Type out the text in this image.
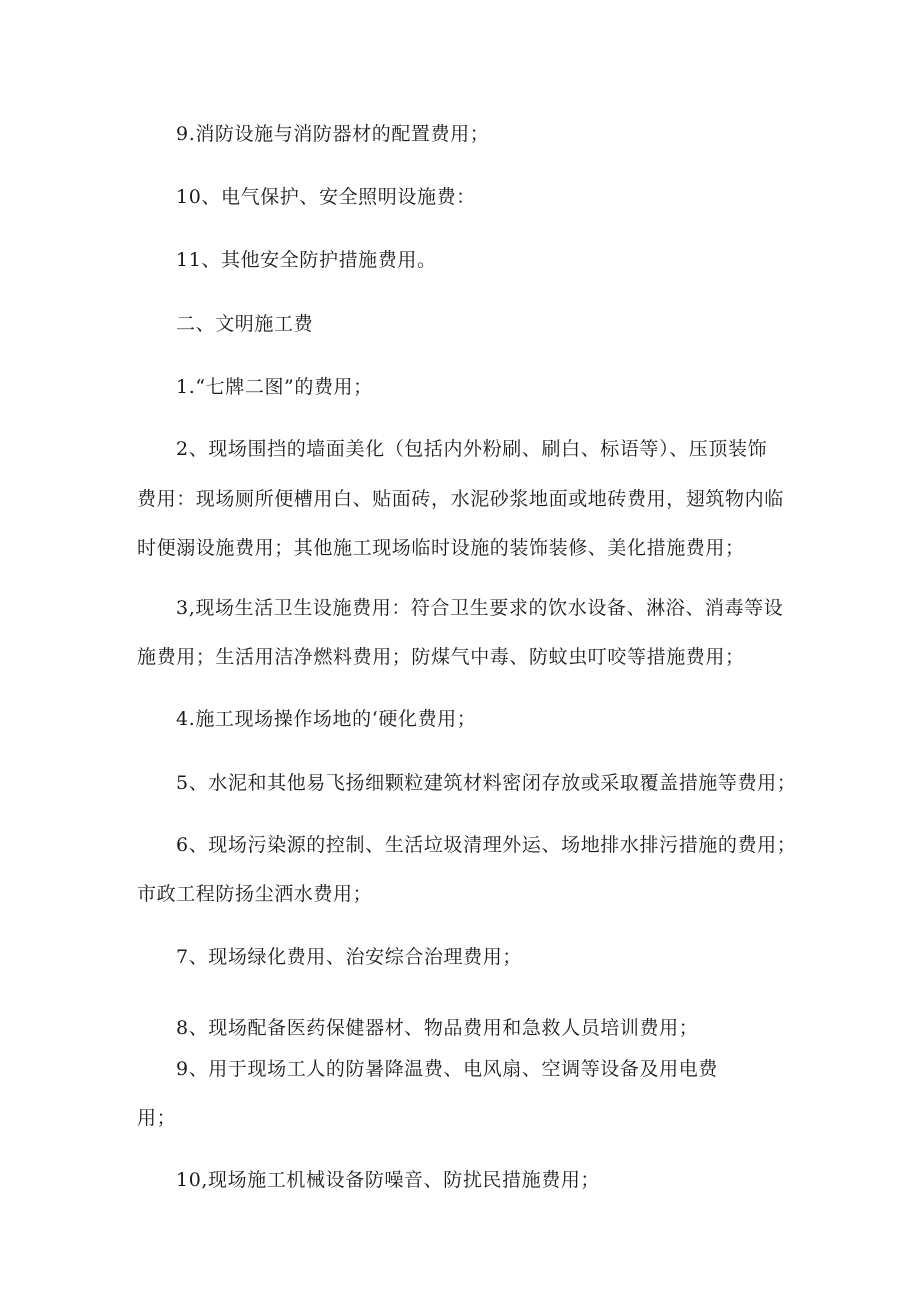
9.消防设施与消防器材的配置费用；
10、电气保护、安全照明设施费：
11、其他安全防护措施费用。
二、文明施工费
1.“七牌二图”的费用；
2、现场围挡的墙面美化（包括内外粉刷、刷白、标语等）、压顶装饰
费用：现场厕所便槽用白、贴面砖，水泥砂浆地面或地砖费用，翅筑物内临
时便溺设施费用；其他施工现场临时设施的装饰装修、美化措施费用；
3,现场生活卫生设施费用：符合卫生要求的饮水设备、淋浴、消毒等设
施费用；生活用洁净燃料费用；防煤气中毒、防蚊虫叮咬等措施费用；
4.施工现场操作场地的‘硬化费用；
5、水泥和其他易飞扬细颗粒建筑材料密闭存放或采取覆盖措施等费用；
6、现场污染源的控制、生活垃圾清理外运、场地排水排污措施的费用；
市政工程防扬尘洒水费用；
7、现场绿化费用、治安综合治理费用；
8、现场配备医药保健器材、物品费用和急救人员培训费用；
9、用于现场工人的防暑降温费、电风扇、空调等设备及用电费
用；
10,现场施工机械设备防噪音、防扰民措施费用；
